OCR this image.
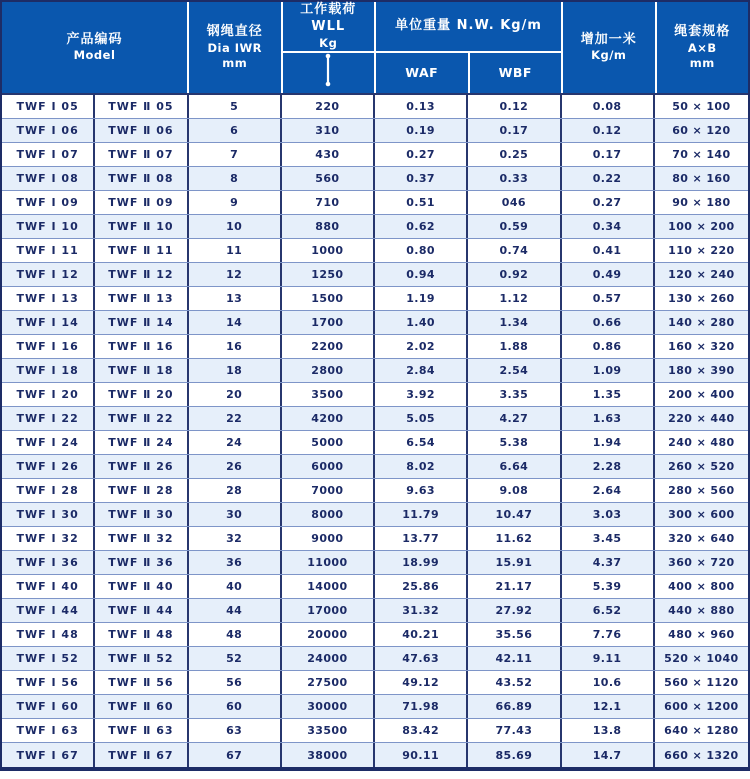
产品编码
Model
钢绳直径
Dia IWR
mm
工作载荷 WLL
Kg
单位重量 N.W. Kg/m
WAF	WBF
增加一米
Kg/m
绳套规格
A×B
mm
TWF Ⅰ 05	TWF Ⅱ 05	5	220	0.13	0.12	0.08	50 × 100
TWF Ⅰ 06	TWF Ⅱ 06	6	310	0.19	0.17	0.12	60 × 120
TWF Ⅰ 07	TWF Ⅱ 07	7	430	0.27	0.25	0.17	70 × 140
TWF Ⅰ 08	TWF Ⅱ 08	8	560	0.37	0.33	0.22	80 × 160
TWF Ⅰ 09	TWF Ⅱ 09	9	710	0.51	046	0.27	90 × 180
TWF Ⅰ 10	TWF Ⅱ 10	10	880	0.62	0.59	0.34	100 × 200
TWF Ⅰ 11	TWF Ⅱ 11	11	1000	0.80	0.74	0.41	110 × 220
TWF Ⅰ 12	TWF Ⅱ 12	12	1250	0.94	0.92	0.49	120 × 240
TWF Ⅰ 13	TWF Ⅱ 13	13	1500	1.19	1.12	0.57	130 × 260
TWF Ⅰ 14	TWF Ⅱ 14	14	1700	1.40	1.34	0.66	140 × 280
TWF Ⅰ 16	TWF Ⅱ 16	16	2200	2.02	1.88	0.86	160 × 320
TWF Ⅰ 18	TWF Ⅱ 18	18	2800	2.84	2.54	1.09	180 × 390
TWF Ⅰ 20	TWF Ⅱ 20	20	3500	3.92	3.35	1.35	200 × 400
TWF Ⅰ 22	TWF Ⅱ 22	22	4200	5.05	4.27	1.63	220 × 440
TWF Ⅰ 24	TWF Ⅱ 24	24	5000	6.54	5.38	1.94	240 × 480
TWF Ⅰ 26	TWF Ⅱ 26	26	6000	8.02	6.64	2.28	260 × 520
TWF Ⅰ 28	TWF Ⅱ 28	28	7000	9.63	9.08	2.64	280 × 560
TWF Ⅰ 30	TWF Ⅱ 30	30	8000	11.79	10.47	3.03	300 × 600
TWF Ⅰ 32	TWF Ⅱ 32	32	9000	13.77	11.62	3.45	320 × 640
TWF Ⅰ 36	TWF Ⅱ 36	36	11000	18.99	15.91	4.37	360 × 720
TWF Ⅰ 40	TWF Ⅱ 40	40	14000	25.86	21.17	5.39	400 × 800
TWF Ⅰ 44	TWF Ⅱ 44	44	17000	31.32	27.92	6.52	440 × 880
TWF Ⅰ 48	TWF Ⅱ 48	48	20000	40.21	35.56	7.76	480 × 960
TWF Ⅰ 52	TWF Ⅱ 52	52	24000	47.63	42.11	9.11	520 × 1040
TWF Ⅰ 56	TWF Ⅱ 56	56	27500	49.12	43.52	10.6	560 × 1120
TWF Ⅰ 60	TWF Ⅱ 60	60	30000	71.98	66.89	12.1	600 × 1200
TWF Ⅰ 63	TWF Ⅱ 63	63	33500	83.42	77.43	13.8	640 × 1280
TWF Ⅰ 67	TWF Ⅱ 67	67	38000	90.11	85.69	14.7	660 × 1320
